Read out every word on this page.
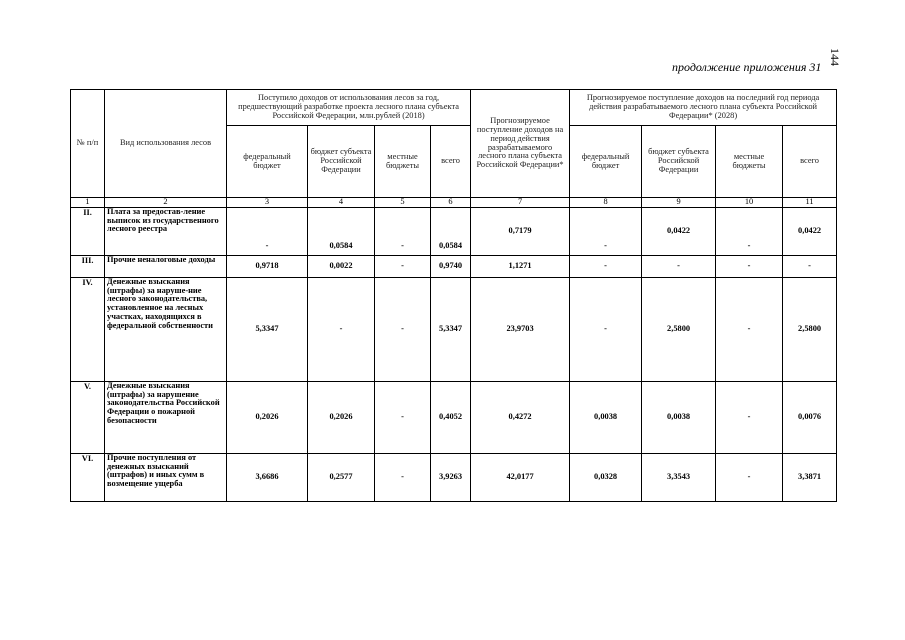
144
продолжение приложения 31
№ п/п	Вид использования лесов	Поступило доходов от использования лесов за год, предшествующий разработке проекта лесного плана субъекта Российской Федерации, млн.рублей (2018)				Прогнозируемое поступление доходов на период действия разрабатываемого лесного плана субъекта Российской Федерации*	Прогнозируемое поступление доходов на последний год периода действия разрабатываемого лесного плана субъекта Российской Федерации* (2028)			
		федеральный бюджет	бюджет субъекта Российской Федерации	местные бюджеты	всего		федеральный бюджет	бюджет субъекта Российской Федерации	местные бюджеты	всего
1	2	3	4	5	6	7	8	9	10	11
II.	Плата за предостав-ление выписок из государственного лесного реестра	-	0,0584	-	0,0584	0,7179	-	0,0422	-	0,0422
III.	Прочие неналоговые доходы	0,9718	0,0022	-	0,9740	1,1271	-	-	-	-
IV.	Денежные взыскания (штрафы) за наруше-ние лесного законодательства, установленное на лесных участках, находящихся в федеральной собственности	5,3347	-	-	5,3347	23,9703	-	2,5800	-	2,5800
V.	Денежные взыскания (штрафы) за нарушение законодательства Российской Федерации о пожарной безопасности	0,2026	0,2026	-	0,4052	0,4272	0,0038	0,0038	-	0,0076
VI.	Прочие поступления от денежных взысканий (штрафов) и иных сумм в возмещение ущерба	3,6686	0,2577	-	3,9263	42,0177	0,0328	3,3543	-	3,3871
